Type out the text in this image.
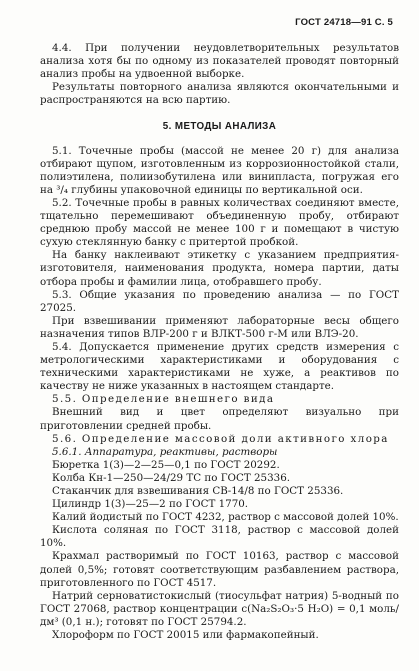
ГОСТ 24718—91 С. 5

4.4. При получении неудовлетворительных результатов анализа хотя бы по одному из показателей проводят повторный анализ пробы на удвоенной выборке.

Результаты повторного анализа являются окончательными и распространяются на всю партию.

5. МЕТОДЫ АНАЛИЗА

5.1. Точечные пробы (массой не менее 20 г) для анализа отбирают щупом, изготовленным из коррозионностойкой стали, полиэтилена, полиизобутилена или винипласта, погружая его на ³/₄ глубины упаковочной единицы по вертикальной оси.

5.2. Точечные пробы в равных количествах соединяют вместе, тщательно перемешивают объединенную пробу, отбирают среднюю пробу массой не менее 100 г и помещают в чистую сухую стеклянную банку с притертой пробкой.

На банку наклеивают этикетку с указанием предприятия-изготовителя, наименования продукта, номера партии, даты отбора пробы и фамилии лица, отобравшего пробу.

5.3. Общие указания по проведению анализа — по ГОСТ 27025.

При взвешивании применяют лабораторные весы общего назначения типов ВЛР-200 г и ВЛКТ-500 г-М или ВЛЭ-20.

5.4. Допускается применение других средств измерения с метрологическими характеристиками и оборудования с техническими характеристиками не хуже, а реактивов по качеству не ниже указанных в настоящем стандарте.

5.5. Определение внешнего вида

Внешний вид и цвет определяют визуально при приготовлении средней пробы.

5.6. Определение массовой доли активного хлора

5.6.1. Аппаратура, реактивы, растворы

Бюретка 1(3)—2—25—0,1 по ГОСТ 20292.

Колба Кн-1—250—24/29 ТС по ГОСТ 25336.

Стаканчик для взвешивания СВ-14/8 по ГОСТ 25336.

Цилиндр 1(3)—25—2 по ГОСТ 1770.

Калий йодистый по ГОСТ 4232, раствор с массовой долей 10%.

Кислота соляная по ГОСТ 3118, раствор с массовой долей 10%.

Крахмал растворимый по ГОСТ 10163, раствор с массовой долей 0,5%; готовят соответствующим разбавлением раствора, приготовленного по ГОСТ 4517.

Натрий серноватистокислый (тиосульфат натрия) 5-водный по ГОСТ 27068, раствор концентрации c(Na₂S₂O₃·5 H₂O) = 0,1 моль/дм³ (0,1 н.); готовят по ГОСТ 25794.2.

Хлороформ по ГОСТ 20015 или фармакопейный.
